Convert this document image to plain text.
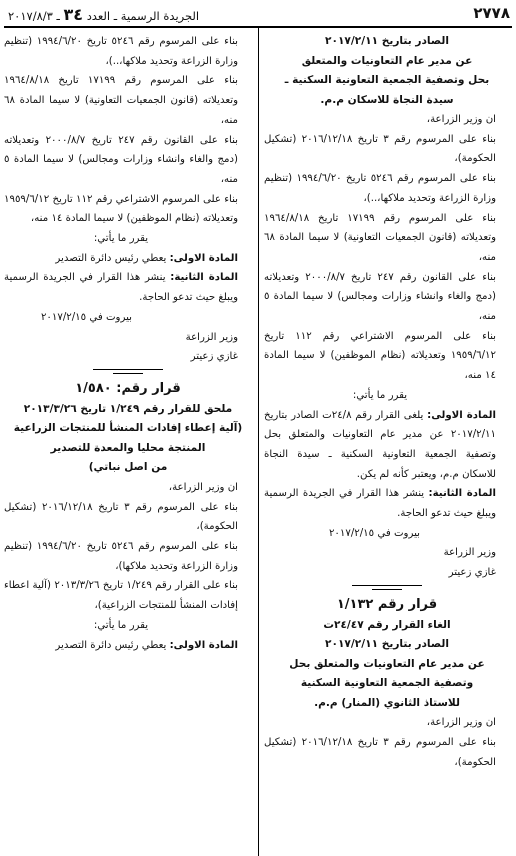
٢٧٧٨
الجريدة الرسمية ـ العدد ٣٤ ـ ٢٠١٧/٨/٣

الصادر بتاريخ ٢٠١٧/٢/١١

عن مدير عام التعاونيات والمتعلق

بحل وتصفية الجمعية التعاونية السكنية ـ

سيدة النجاة للاسكان م.م.

ان وزير الزراعة،

بناء على المرسوم رقم ٣ تاريخ ٢٠١٦/١٢/١٨ (تشكيل الحكومة)،

بناء على المرسوم رقم ٥٢٤٦ تاريخ ١٩٩٤/٦/٢٠ (تنظيم وزارة الزراعة وتحديد ملاكها،..)،

بناء على المرسوم رقم ١٧١٩٩ تاريخ ١٩٦٤/٨/١٨ وتعديلاته (قانون الجمعيات التعاونية) لا سيما المادة ٦٨ منه،

بناء على القانون رقم ٢٤٧ تاريخ ٢٠٠٠/٨/٧ وتعديلاته (دمج والغاء وانشاء وزارات ومجالس) لا سيما المادة ٥ منه،

بناء على المرسوم الاشتراعي رقم ١١٢ تاريخ ١٩٥٩/٦/١٢ وتعديلاته (نظام الموظفين) لا سيما المادة ١٤ منه،

يقرر ما يأتي:

المادة الاولى: يلغى القرار رقم ٢٤/٨ت الصادر بتاريخ ٢٠١٧/٢/١١ عن مدير عام التعاونيات والمتعلق بحل وتصفية الجمعية التعاونية السكنية ـ سيدة النجاة للاسكان م.م، ويعتبر كأنه لم يكن.

المادة الثانية: ينشر هذا القرار في الجريدة الرسمية ويبلغ حيث تدعو الحاجة.

بيروت في ٢٠١٧/٢/١٥

وزير الزراعة

غازي زعيتر

قرار رقم ١/١٣٢

الغاء القرار رقم ٢٤/٤٧ت

الصادر بتاريخ ٢٠١٧/٢/١١

عن مدير عام التعاونيات والمتعلق بحل

وتصفية الجمعية التعاونية السكنية

للاستاذ الثانوي (المنار) م.م.

ان وزير الزراعة،

بناء على المرسوم رقم ٣ تاريخ ٢٠١٦/١٢/١٨ (تشكيل الحكومة)،

بناء على المرسوم رقم ٥٢٤٦ تاريخ ١٩٩٤/٦/٢٠ (تنظيم وزارة الزراعة وتحديد ملاكها،..)،

بناء على المرسوم رقم ١٧١٩٩ تاريخ ١٩٦٤/٨/١٨ وتعديلاته (قانون الجمعيات التعاونية) لا سيما المادة ٦٨ منه،

بناء على القانون رقم ٢٤٧ تاريخ ٢٠٠٠/٨/٧ وتعديلاته (دمج والغاء وانشاء وزارات ومجالس) لا سيما المادة ٥ منه،

بناء على المرسوم الاشتراعي رقم ١١٢ تاريخ ١٩٥٩/٦/١٢ وتعديلاته (نظام الموظفين) لا سيما المادة ١٤ منه،

يقرر ما يأتي:

المادة الاولى: يعطي رئيس دائرة التصدير

المادة الثانية: ينشر هذا القرار في الجريدة الرسمية ويبلغ حيث تدعو الحاجة.

بيروت في ٢٠١٧/٢/١٥

وزير الزراعة

غازي زعيتر

قرار رقم: ١/٥٨٠

ملحق للقرار رقم ١/٢٤٩ تاريخ ٢٠١٣/٣/٢٦

(آلية إعطاء إفادات المنشأ للمنتجات الزراعية

المنتجة محليا والمعدة للتصدير

من اصل نباتي)

ان وزير الزراعة،

بناء على المرسوم رقم ٣ تاريخ ٢٠١٦/١٢/١٨ (تشكيل الحكومة)،

بناء على المرسوم رقم ٥٢٤٦ تاريخ ١٩٩٤/٦/٢٠ (تنظيم وزارة الزراعة وتحديد ملاكها)،

بناء على القرار رقم ١/٢٤٩ تاريخ ٢٠١٣/٣/٢٦ (آلية اعطاء إفادات المنشأ للمنتجات الزراعية)،

يقرر ما يأتي:

المادة الاولى: يعطي رئيس دائرة التصدير
